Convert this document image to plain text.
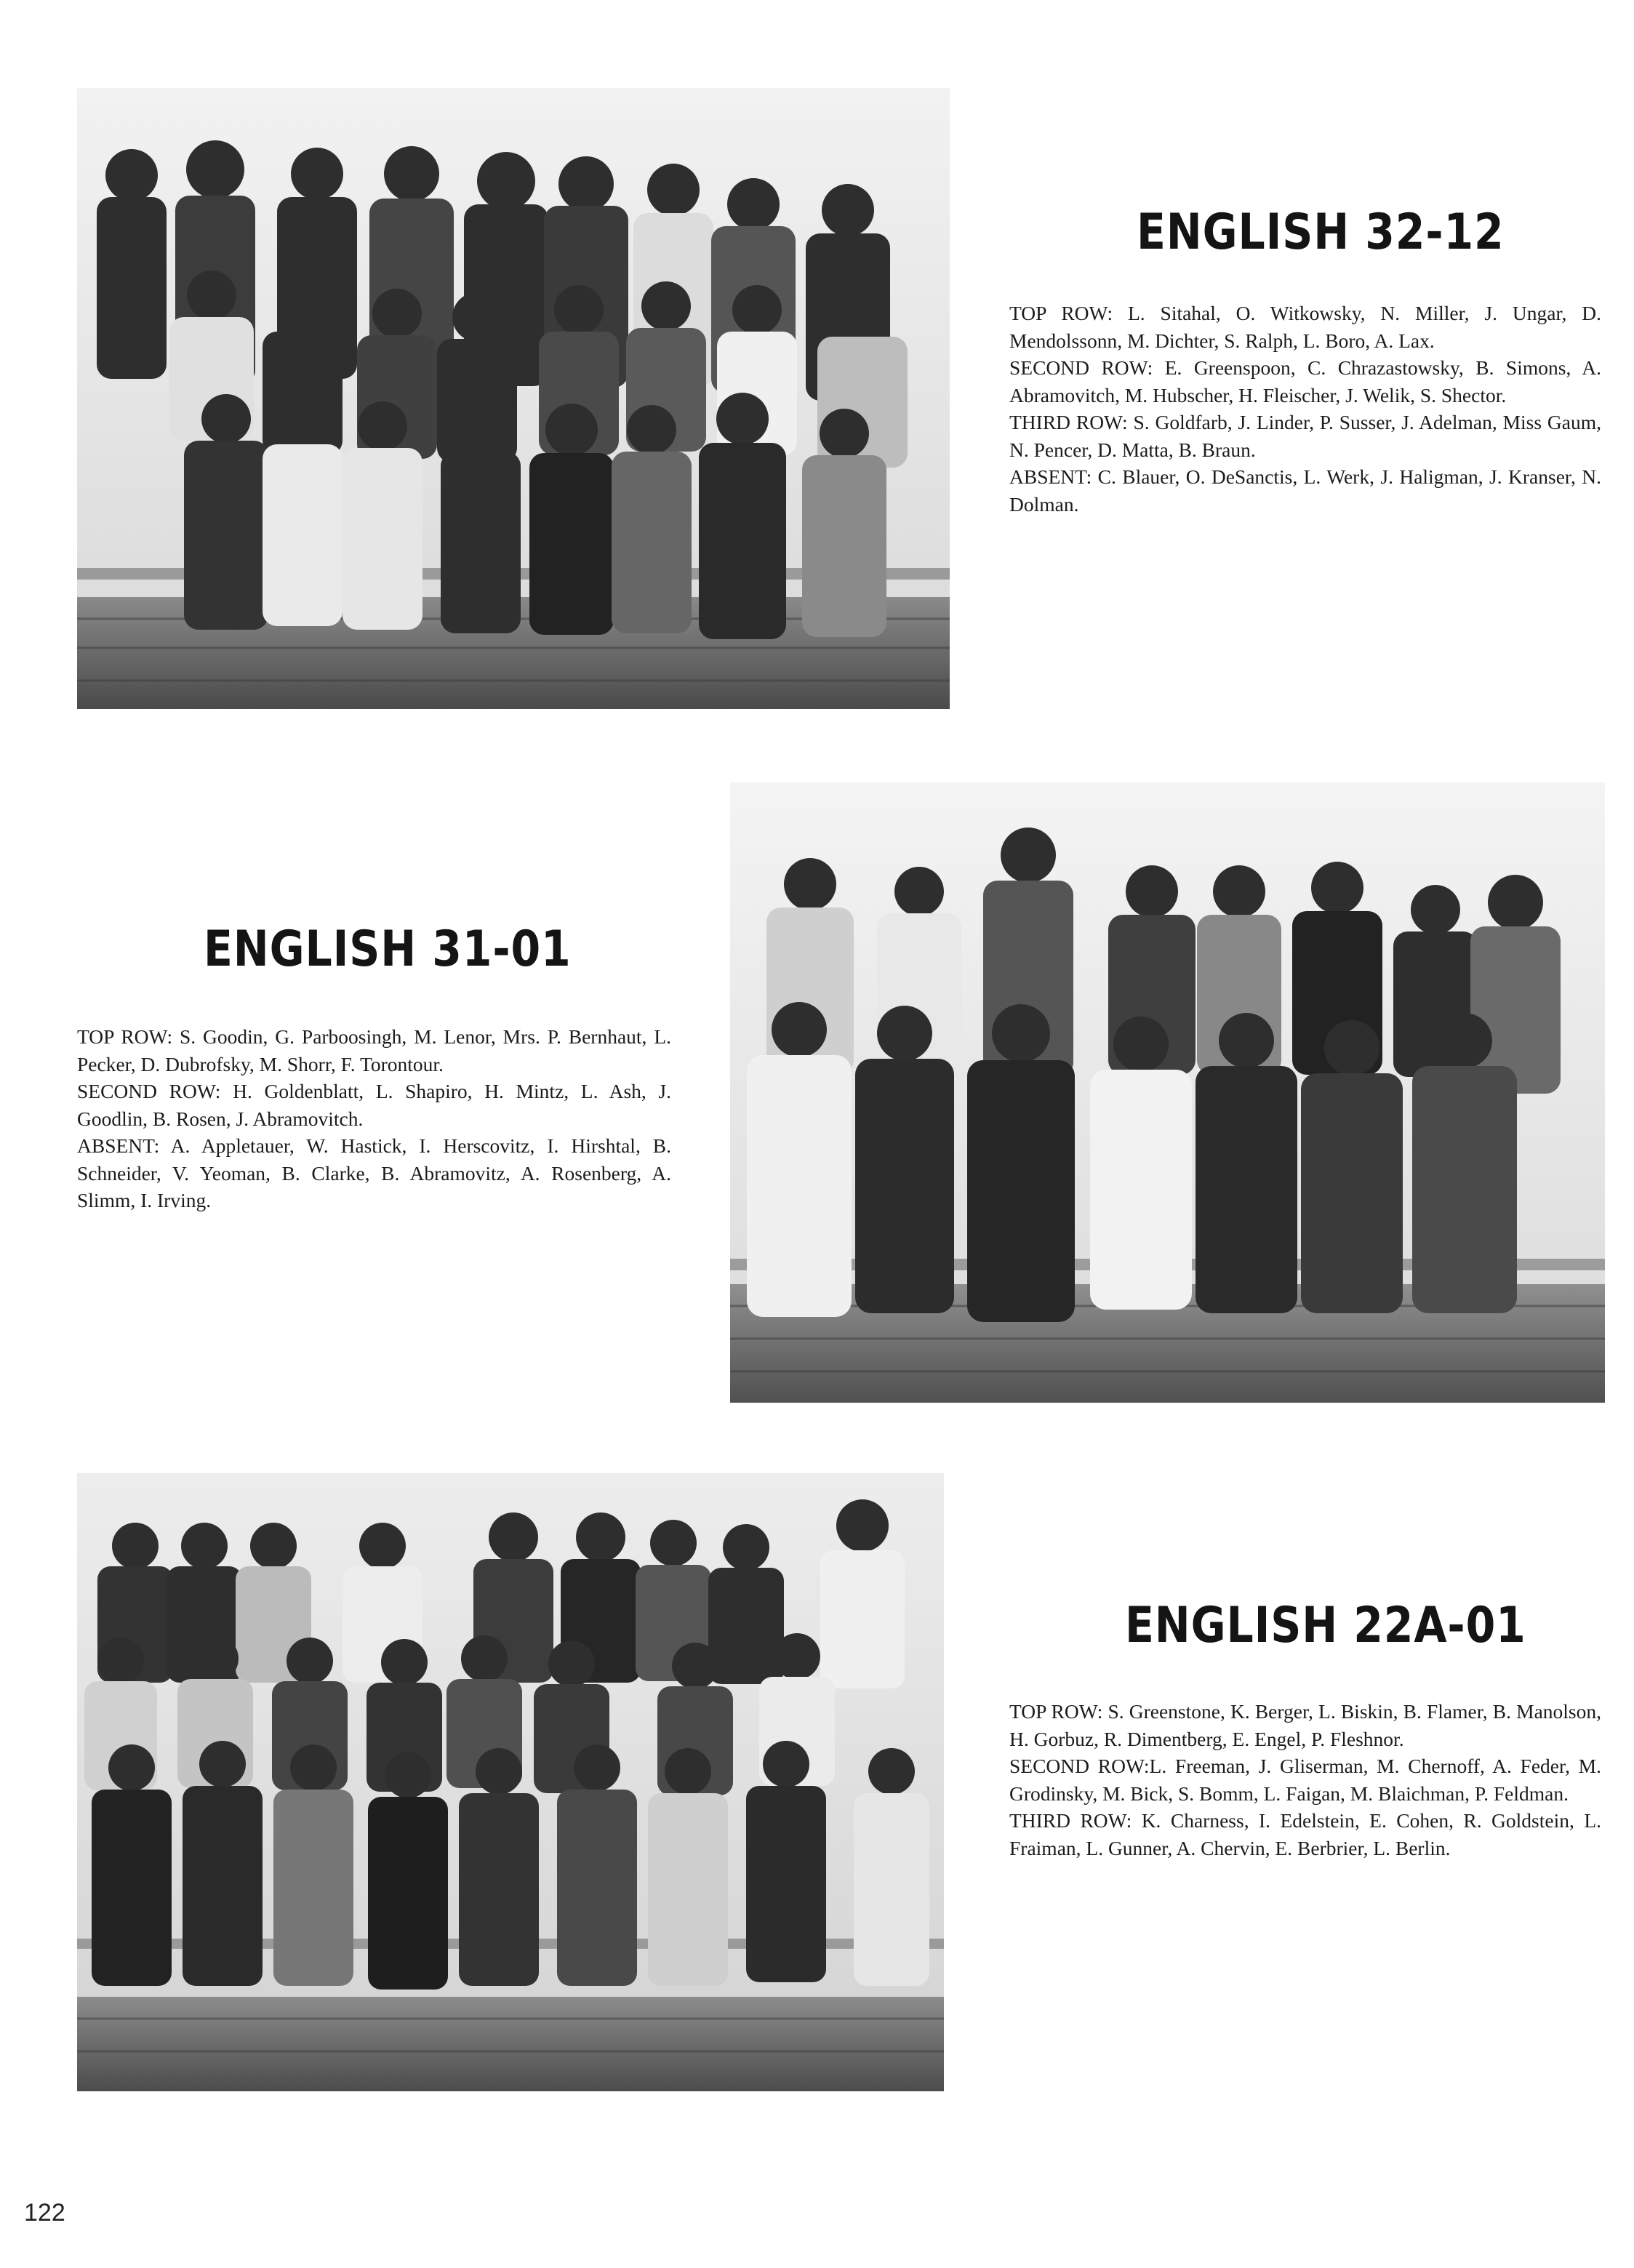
ENGLISH 32-12

TOP ROW: L. Sitahal, O. Witkowsky, N. Miller, J. Ungar, D. Mendolssonn, M. Dichter, S. Ralph, L. Boro, A. Lax.

SECOND ROW: E. Greenspoon, C. Chrazastowsky, B. Simons, A. Abramovitch, M. Hubscher, H. Fleischer, J. Welik, S. Shector.

THIRD ROW: S. Goldfarb, J. Linder, P. Susser, J. Adelman, Miss Gaum, N. Pencer, D. Matta, B. Braun.

ABSENT: C. Blauer, O. DeSanctis, L. Werk, J. Haligman, J. Kranser, N. Dolman.

ENGLISH 31-01

TOP ROW: S. Goodin, G. Parboosingh, M. Lenor, Mrs. P. Bernhaut, L. Pecker, D. Dubrofsky, M. Shorr, F. Torontour.

SECOND ROW: H. Goldenblatt, L. Shapiro, H. Mintz, L. Ash, J. Goodlin, B. Rosen, J. Abramovitch.

ABSENT: A. Appletauer, W. Hastick, I. Herscovitz, I. Hirshtal, B. Schneider, V. Yeoman, B. Clarke, B. Abramovitz, A. Rosenberg, A. Slimm, I. Irving.

ENGLISH 22A-01

TOP ROW: S. Greenstone, K. Berger, L. Biskin, B. Flamer, B. Manolson, H. Gorbuz, R. Dimentberg, E. Engel, P. Fleshnor.

SECOND ROW:L. Freeman, J. Gliserman, M. Chernoff, A. Feder, M. Grodinsky, M. Bick, S. Bomm, L. Faigan, M. Blaichman, P. Feldman.

THIRD ROW: K. Charness, I. Edelstein, E. Cohen, R. Goldstein, L. Fraiman, L. Gunner, A. Chervin, E. Berbrier, L. Berlin.

122
